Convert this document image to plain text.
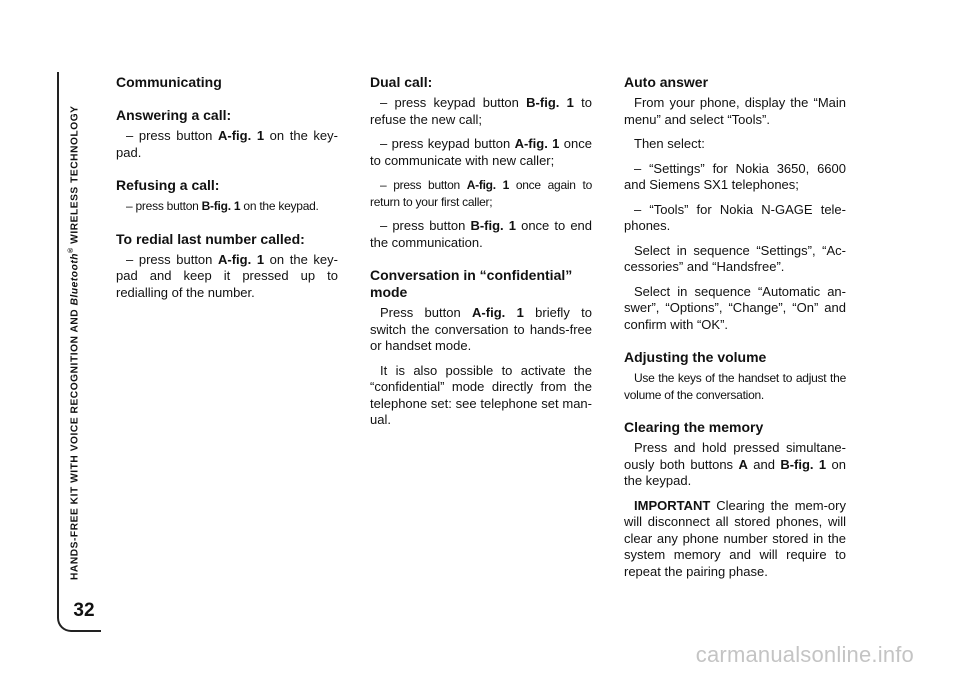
HANDS-FREE KIT WITH VOICE RECOGNITION AND Bluetooth® WIRELESS TECHNOLOGY
32
Communicating
Answering a call:

– press button A-fig. 1 on the key-pad.

Refusing a call:

– press button B-fig. 1 on the keypad.

To redial last number called:

– press button A-fig. 1 on the key-pad and keep it pressed up to redialling of the number.

Dual call:

– press keypad button B-fig. 1 to refuse the new call;

– press keypad button A-fig. 1 once to communicate with new caller;

– press button A-fig. 1 once again to return to your first caller;

– press button B-fig. 1 once to end the communication.

Conversation in “confidential” mode

Press button A-fig. 1 briefly to switch the conversation to hands-free or handset mode.

It is also possible to activate the “confidential” mode directly from the telephone set: see telephone set man-ual.

Auto answer

From your phone, display the “Main menu” and select “Tools”.

Then select:

– “Settings” for Nokia 3650, 6600 and Siemens SX1 telephones;

– “Tools” for Nokia N-GAGE tele-phones.

Select in sequence “Settings”, “Ac-cessories” and “Handsfree”.

Select in sequence “Automatic an-swer”, “Options”, “Change”, “On” and confirm with “OK”.

Adjusting the volume

Use the keys of the handset to adjust the volume of the conversation.

Clearing the memory

Press and hold pressed simultane-ously both buttons A and B-fig. 1 on the keypad.

IMPORTANT Clearing the mem-ory will disconnect all stored phones, will clear any phone number stored in the system memory and will require to repeat the pairing phase.

carmanualsonline.info
